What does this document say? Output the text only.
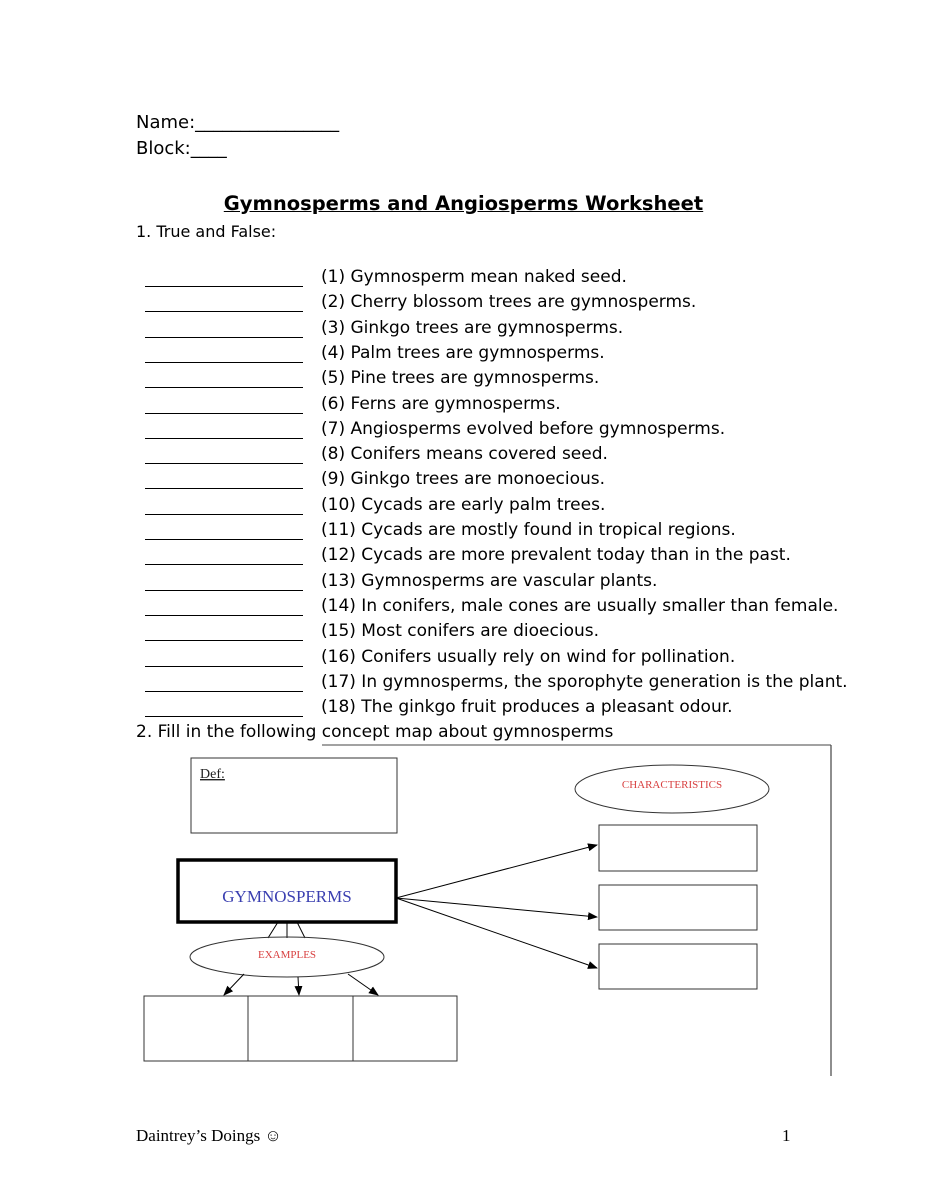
Name:________________
Block:____
Gymnosperms and Angiosperms Worksheet
1. True and False:
(1) Gymnosperm mean naked seed.
(2) Cherry blossom trees are gymnosperms.
(3) Ginkgo trees are gymnosperms.
(4) Palm trees are gymnosperms.
(5) Pine trees are gymnosperms.
(6) Ferns are gymnosperms.
(7) Angiosperms evolved before gymnosperms.
(8) Conifers means covered seed.
(9) Ginkgo trees are monoecious.
(10) Cycads are early palm trees.
(11) Cycads are mostly found in tropical regions.
(12) Cycads are more prevalent today than in the past.
(13) Gymnosperms are vascular plants.
(14) In conifers, male cones are usually smaller than female.
(15) Most conifers are dioecious.
(16) Conifers usually rely on wind for pollination.
(17) In gymnosperms, the sporophyte generation is the plant.
(18) The ginkgo fruit produces a pleasant odour.
2. Fill in the following concept map about gymnosperms
Def:
GYMNOSPERMS
CHARACTERISTICS
EXAMPLES
Daintrey’s Doings ☺	1
